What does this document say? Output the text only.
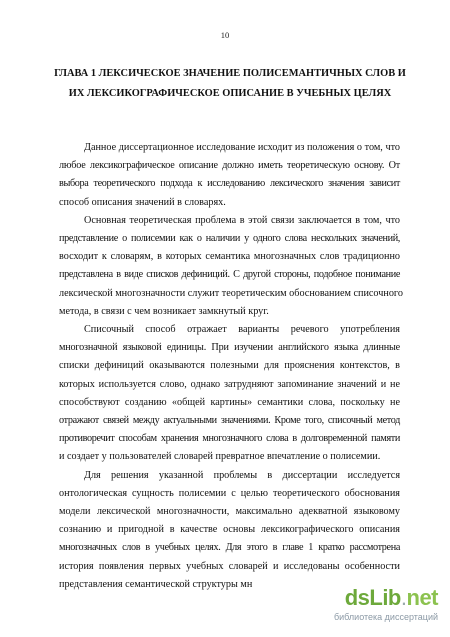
10
ГЛАВА 1 ЛЕКСИЧЕСКОЕ ЗНАЧЕНИЕ ПОЛИСЕМАНТИЧНЫХ СЛОВ И
ИХ ЛЕКСИКОГРАФИЧЕСКОЕ ОПИСАНИЕ В УЧЕБНЫХ ЦЕЛЯХ

Данное диссертационное исследование исходит из положения о том, что
любое лексикографическое описание должно иметь теоретическую основу. От
выбора теоретического подхода к исследованию лексического значения зависит
способ описания значений в словарях.

Основная теоретическая проблема в этой связи заключается в том, что
представление о полисемии как о наличии у одного слова нескольких значений,
восходит к словарям, в которых семантика многозначных слов традиционно
представлена в виде списков дефиниций. С другой стороны, подобное понимание
лексической многозначности служит теоретическим обоснованием списочного
метода, в связи с чем возникает замкнутый круг.

Списочный способ отражает варианты речевого употребления
многозначной языковой единицы. При изучении английского языка длинные
списки дефиниций оказываются полезными для прояснения контекстов, в
которых используется слово, однако затрудняют запоминание значений и не
способствуют созданию «общей картины» семантики слова, поскольку не
отражают связей между актуальными значениями. Кроме того, списочный метод
противоречит способам хранения многозначного слова в долговременной памяти
и создает у пользователей словарей превратное впечатление о полисемии.

Для решения указанной проблемы в диссертации исследуется
онтологическая сущность полисемии с целью теоретического обоснования
модели лексической многозначности, максимально адекватной языковому
сознанию и пригодной в качестве основы лексикографического описания
многозначных слов в учебных целях. Для этого в главе 1 кратко рассмотрена
история появления первых учебных словарей и исследованы особенности
представления семантической структуры мн

dsLib.net
библиотека диссертаций
